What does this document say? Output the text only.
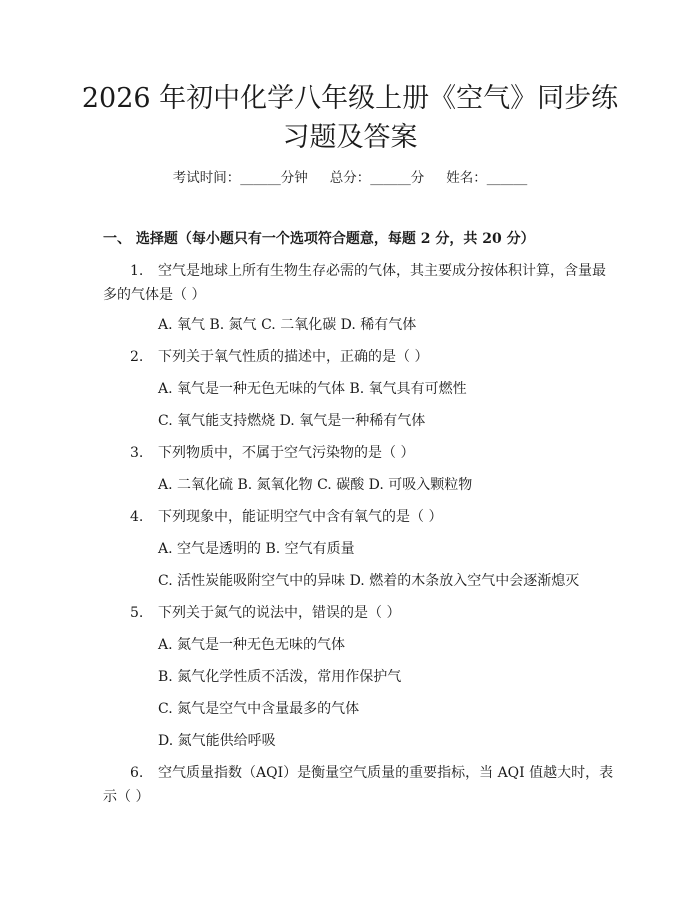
2026 年初中化学八年级上册《空气》同步练
习题及答案
考试时间：______分钟 总分：______分 姓名：______
一、 选择题（每小题只有一个选项符合题意，每题 2 分，共 20 分）
1. 空气是地球上所有生物生存必需的气体，其主要成分按体积计算，含量最
多的气体是（ ）
A. 氧气 B. 氮气 C. 二氧化碳 D. 稀有气体
2. 下列关于氧气性质的描述中，正确的是（ ）
A. 氧气是一种无色无味的气体 B. 氧气具有可燃性
C. 氧气能支持燃烧 D. 氧气是一种稀有气体
3. 下列物质中，不属于空气污染物的是（ ）
A. 二氧化硫 B. 氮氧化物 C. 碳酸 D. 可吸入颗粒物
4. 下列现象中，能证明空气中含有氧气的是（ ）
A. 空气是透明的 B. 空气有质量
C. 活性炭能吸附空气中的异味 D. 燃着的木条放入空气中会逐渐熄灭
5. 下列关于氮气的说法中，错误的是（ ）
A. 氮气是一种无色无味的气体
B. 氮气化学性质不活泼，常用作保护气
C. 氮气是空气中含量最多的气体
D. 氮气能供给呼吸
6. 空气质量指数（AQI）是衡量空气质量的重要指标，当 AQI 值越大时，表
示（ ）
